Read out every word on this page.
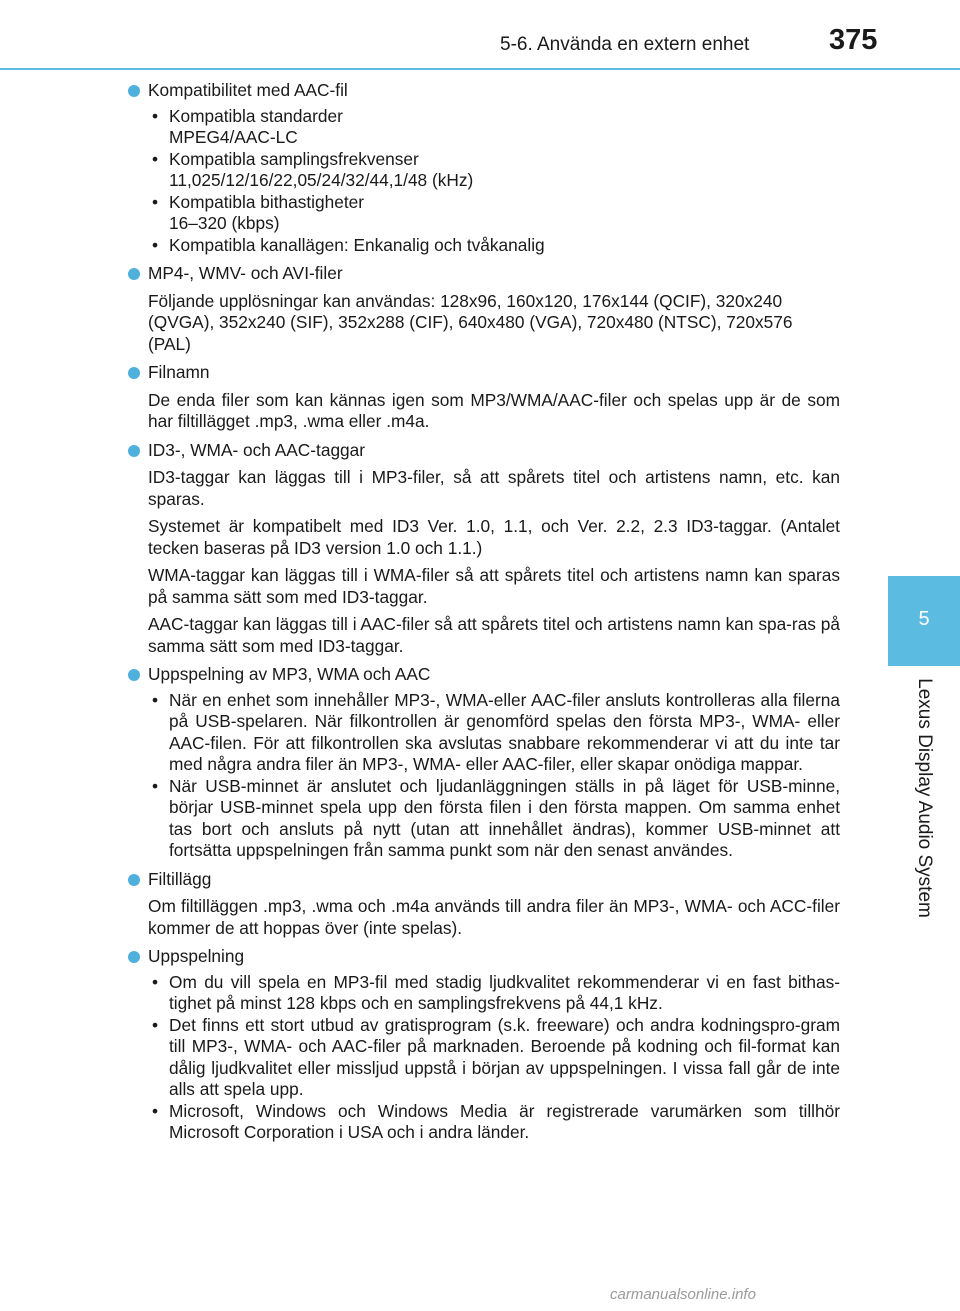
5-6. Använda en extern enhet	375
5
Lexus Display Audio System
Kompatibilitet med AAC-fil
• Kompatibla standarder
MPEG4/AAC-LC
• Kompatibla samplingsfrekvenser
11,025/12/16/22,05/24/32/44,1/48 (kHz)
• Kompatibla bithastigheter
16–320 (kbps)
• Kompatibla kanallägen: Enkanalig och tvåkanalig
MP4-, WMV- och AVI-filer
Följande upplösningar kan användas: 128x96, 160x120, 176x144 (QCIF), 320x240 (QVGA), 352x240 (SIF), 352x288 (CIF), 640x480 (VGA), 720x480 (NTSC), 720x576 (PAL)
Filnamn
De enda filer som kan kännas igen som MP3/WMA/AAC-filer och spelas upp är de som har filtillägget .mp3, .wma eller .m4a.
ID3-, WMA- och AAC-taggar
ID3-taggar kan läggas till i MP3-filer, så att spårets titel och artistens namn, etc. kan sparas.
Systemet är kompatibelt med ID3 Ver. 1.0, 1.1, och Ver. 2.2, 2.3 ID3-taggar. (Antalet tecken baseras på ID3 version 1.0 och 1.1.)
WMA-taggar kan läggas till i WMA-filer så att spårets titel och artistens namn kan sparas på samma sätt som med ID3-taggar.
AAC-taggar kan läggas till i AAC-filer så att spårets titel och artistens namn kan spa-ras på samma sätt som med ID3-taggar.
Uppspelning av MP3, WMA och AAC
• När en enhet som innehåller MP3-, WMA-eller AAC-filer ansluts kontrolleras alla filerna på USB-spelaren. När filkontrollen är genomförd spelas den första MP3-, WMA- eller AAC-filen. För att filkontrollen ska avslutas snabbare rekommenderar vi att du inte tar med några andra filer än MP3-, WMA- eller AAC-filer, eller skapar onödiga mappar.
• När USB-minnet är anslutet och ljudanläggningen ställs in på läget för USB-minne, börjar USB-minnet spela upp den första filen i den första mappen. Om samma enhet tas bort och ansluts på nytt (utan att innehållet ändras), kommer USB-minnet att fortsätta uppspelningen från samma punkt som när den senast användes.
Filtillägg
Om filtilläggen .mp3, .wma och .m4a används till andra filer än MP3-, WMA- och ACC-filer kommer de att hoppas över (inte spelas).
Uppspelning
• Om du vill spela en MP3-fil med stadig ljudkvalitet rekommenderar vi en fast bithas-tighet på minst 128 kbps och en samplingsfrekvens på 44,1 kHz.
• Det finns ett stort utbud av gratisprogram (s.k. freeware) och andra kodningspro-gram till MP3-, WMA- och AAC-filer på marknaden. Beroende på kodning och fil-format kan dålig ljudkvalitet eller missljud uppstå i början av uppspelningen. I vissa fall går de inte alls att spela upp.
• Microsoft, Windows och Windows Media är registrerade varumärken som tillhör Microsoft Corporation i USA och i andra länder.
carmanualsonline.info
